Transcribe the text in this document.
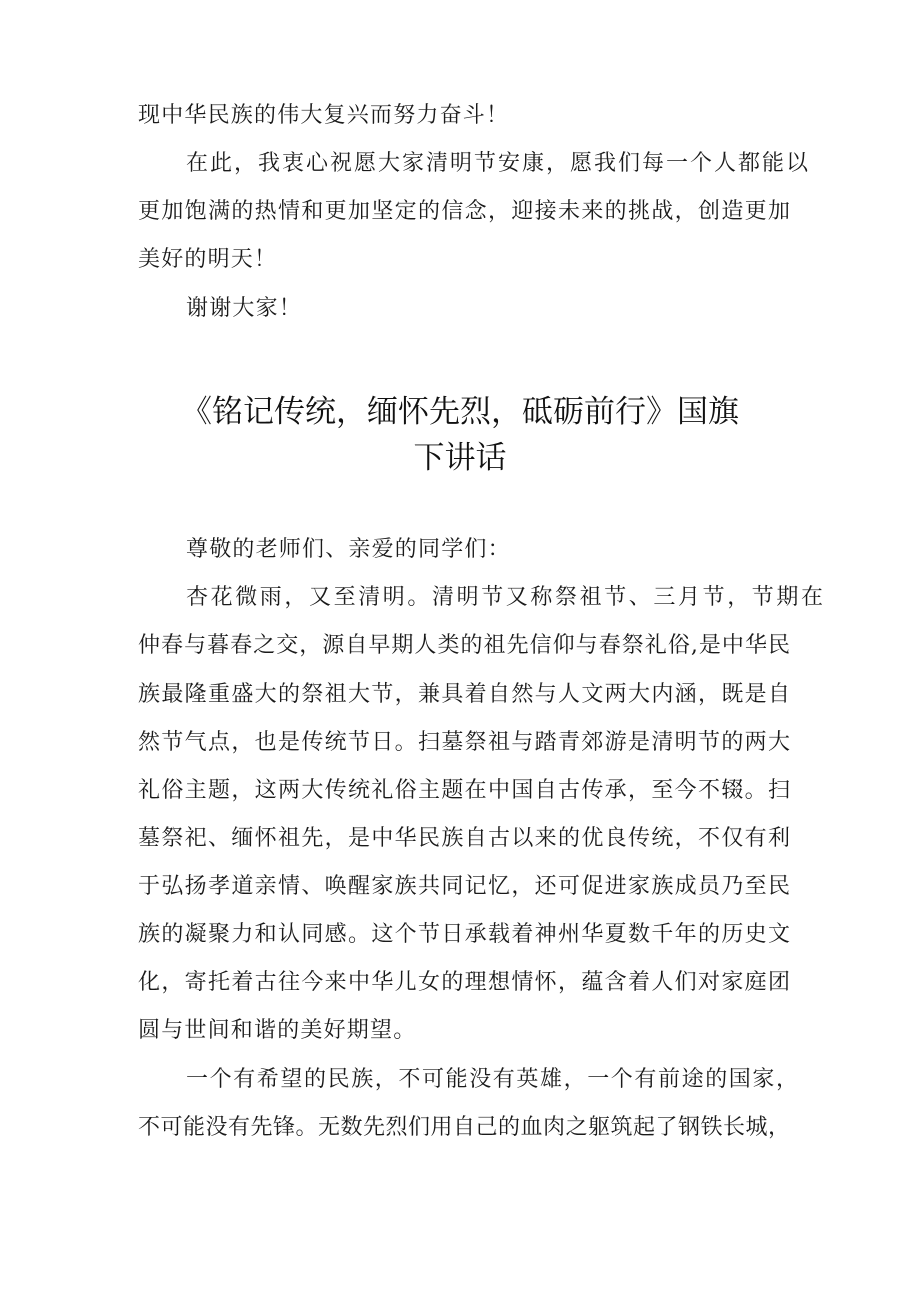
现中华民族的伟大复兴而努力奋斗！
在此，我衷心祝愿大家清明节安康，愿我们每一个人都能以
更加饱满的热情和更加坚定的信念，迎接未来的挑战，创造更加
美好的明天！
谢谢大家！
《铭记传统，缅怀先烈，砥砺前行》国旗
下讲话
尊敬的老师们、亲爱的同学们：
杏花微雨，又至清明。清明节又称祭祖节、三月节，节期在
仲春与暮春之交，源自早期人类的祖先信仰与春祭礼俗,是中华民
族最隆重盛大的祭祖大节，兼具着自然与人文两大内涵，既是自
然节气点，也是传统节日。扫墓祭祖与踏青郊游是清明节的两大
礼俗主题，这两大传统礼俗主题在中国自古传承，至今不辍。扫
墓祭祀、缅怀祖先，是中华民族自古以来的优良传统，不仅有利
于弘扬孝道亲情、唤醒家族共同记忆，还可促进家族成员乃至民
族的凝聚力和认同感。这个节日承载着神州华夏数千年的历史文
化，寄托着古往今来中华儿女的理想情怀，蕴含着人们对家庭团
圆与世间和谐的美好期望。
一个有希望的民族，不可能没有英雄，一个有前途的国家，
不可能没有先锋。无数先烈们用自己的血肉之躯筑起了钢铁长城，
